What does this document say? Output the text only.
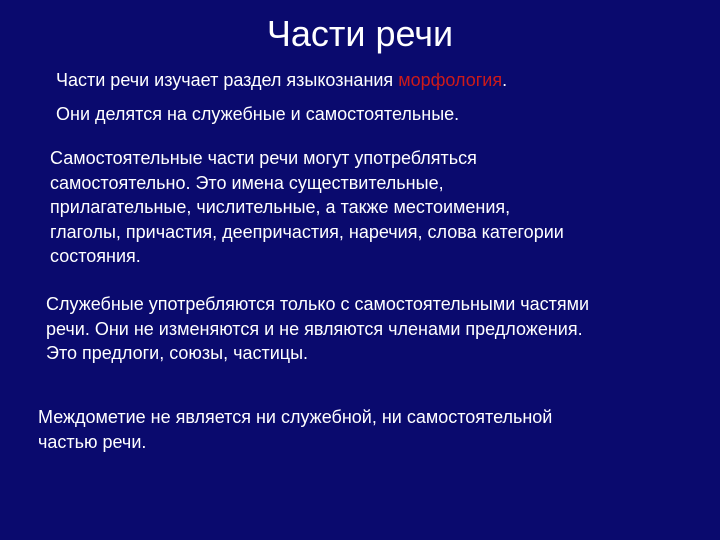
Части речи
Части речи изучает раздел языкознания морфология.
Они делятся на служебные и самостоятельные.
Самостоятельные части речи могут употребляться
самостоятельно. Это имена существительные,
прилагательные, числительные, а также местоимения,
глаголы, причастия, деепричастия, наречия, слова категории
состояния.
Служебные употребляются только с самостоятельными частями
речи. Они не изменяются и не являются членами предложения.
Это предлоги, союзы, частицы.
Междометие не является ни служебной, ни самостоятельной
частью речи.
